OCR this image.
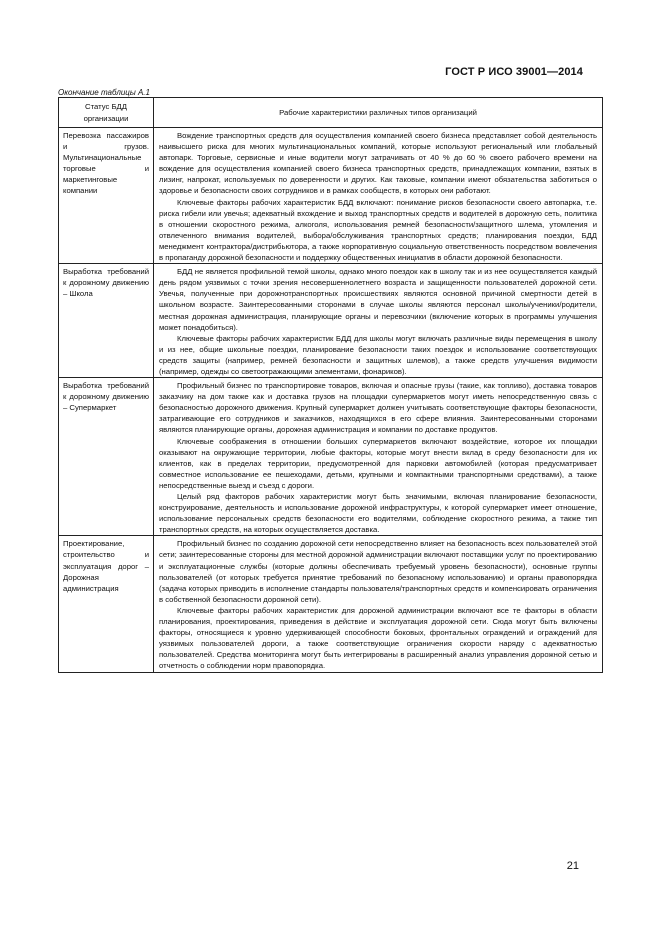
ГОСТ Р ИСО 39001—2014
Окончание таблицы А.1
Статус БДД организации	Рабочие характеристики различных типов организаций
Перевозка пассажиров и грузов. Мультинациональные торговые и маркетинговые компании	Вождение транспортных средств для осуществления компанией своего бизнеса представляет собой деятельность наивысшего риска для многих мультинациональных компаний, которые используют региональный или глобальный автопарк. Торговые, сервисные и иные водители могут затрачивать от 40 % до 60 % своего рабочего времени на вождение для осуществления компанией своего бизнеса транспортных средств, принадлежащих компании, взятых в лизинг, напрокат, используемых по доверенности и других. Как таковые, компании имеют обязательства заботиться о здоровье и безопасности своих сотрудников и в рамках сообществ, в которых они работают.

Ключевые факторы рабочих характеристик БДД включают: понимание рисков безопасности своего автопарка, т.е. риска гибели или увечья; адекватный вхождение и выход транспортных средств и водителей в дорожную сеть, политика в отношении скоростного режима, алкоголя, использования ремней безопасности/защитного шлема, утомления и отвлеченного внимания водителей, выбора/обслуживания транспортных средств; планирования поездки, БДД менеджмент контрактора/дистрибьютора, а также корпоративную социальную ответственность посредством вовлечения в пропаганду дорожной безопасности и поддержку общественных инициатив в области дорожной безопасности.

Выработка требований к дорожному движению – Школа	БДД не является профильной темой школы, однако много поездок как в школу так и из нее осуществляется каждый день рядом уязвимых с точки зрения несовершеннолетнего возраста и защищенности пользователей дорожной сети. Увечья, полученные при дорожнотранспортных происшествиях являются основной причиной смертности детей в школьном возрасте. Заинтересованными сторонами в случае школы являются персонал школы/ученики/родители, местная дорожная администрация, планирующие органы и перевозчики (включение которых в программы улучшения может понадобиться).

Ключевые факторы рабочих характеристик БДД для школы могут включать различные виды перемещения в школу и из нее, общие школьные поездки, планирование безопасности таких поездок и использование соответствующих средств защиты (например, ремней безопасности и защитных шлемов), а также средств улучшения видимости (например, одежды со светоотражающими элементами, фонариков).

Выработка требований к дорожному движению – Супермаркет	Профильный бизнес по транспортировке товаров, включая и опасные грузы (такие, как топливо), доставка товаров заказчику на дом также как и доставка грузов на площадки супермаркетов могут иметь непосредственную связь с безопасностью дорожного движения. Крупный супермаркет должен учитывать соответствующие факторы безопасности, затрагивающие его сотрудников и заказчиков, находящихся в его сфере влияния. Заинтересованными сторонами являются планирующие органы, дорожная администрация и компании по доставке продуктов.

Ключевые соображения в отношении больших супермаркетов включают воздействие, которое их площадки оказывают на окружающие территории, любые факторы, которые могут внести вклад в среду безопасности для их клиентов, как в пределах территории, предусмотренной для парковки автомобилей (которая предусматривает совместное использование ее пешеходами, детьми, крупными и компактными транспортными средствами), а также непосредственные выезд и съезд с дороги.

Целый ряд факторов рабочих характеристик могут быть значимыми, включая планирование безопасности, конструирование, деятельность и использование дорожной инфраструктуры, к которой супермаркет имеет отношение, использование персональных средств безопасности его водителями, соблюдение скоростного режима, а также тип транспортных средств, на которых осуществляется доставка.

Проектирование, строительство и эксплуатация дорог – Дорожная администрация	Профильный бизнес по созданию дорожной сети непосредственно влияет на безопасность всех пользователей этой сети; заинтересованные стороны для местной дорожной администрации включают поставщики услуг по проектированию и эксплуатационные службы (которые должны обеспечивать требуемый уровень безопасности), основные группы пользователей (от которых требуется принятие требований по безопасному использованию) и органы правопорядка (задача которых приводить в исполнение стандарты пользователя/транспортных средств и компенсировать ограничения в собственной безопасности дорожной сети).

Ключевые факторы рабочих характеристик для дорожной администрации включают все те факторы в области планирования, проектирования, приведения в действие и эксплуатация дорожной сети. Сюда могут быть включены факторы, относящиеся к уровню удерживающей способности боковых, фронтальных ограждений и ограждений для уязвимых пользователей дороги, а также соответствующие ограничения скорости наряду с адекватностью пользователей. Средства мониторинга могут быть интегрированы в расширенный анализ управления дорожной сетью и отчетность о соблюдении норм правопорядка.

21
